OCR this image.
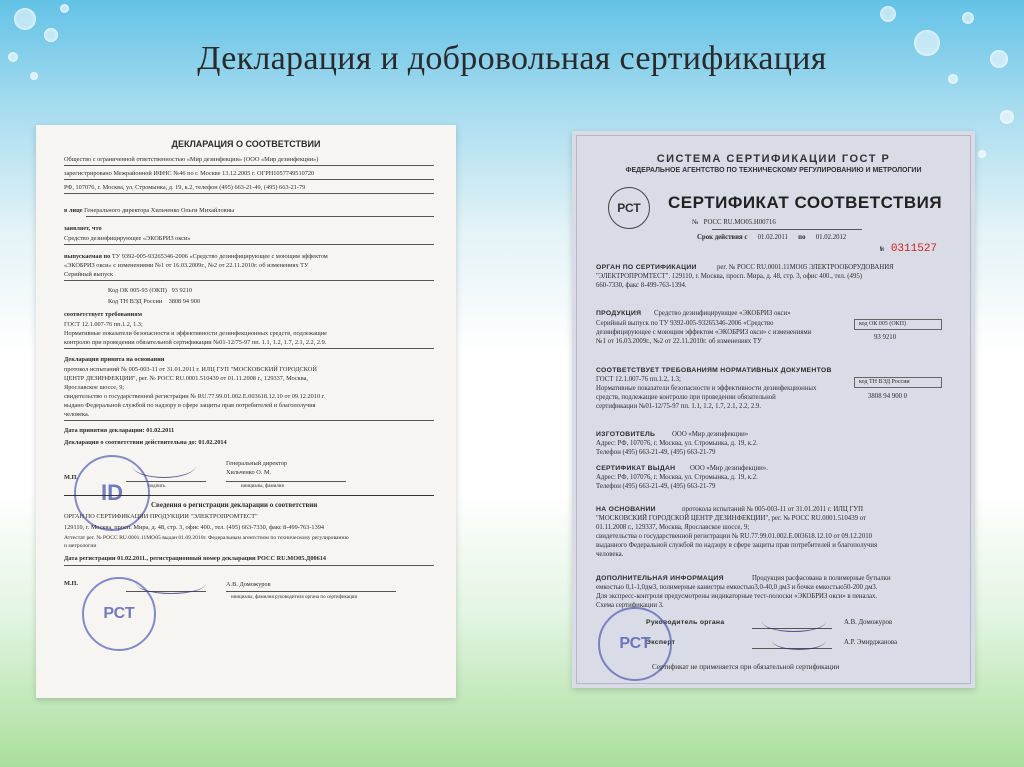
Декларация и добровольная сертификация
ДЕКЛАРАЦИЯ О СООТВЕТСТВИИ
Общество с ограниченной ответственностью «Мир дезинфекции» (ООО «Мир дезинфекции»)
зарегистрировано Межрайонной ИФНС №46 по г. Москве 13.12.2005 г. ОГРН1057749510720
РФ, 107076, г. Москва, ул. Стромынка, д. 19, к.2, телефон (495) 663-21-49, (495) 663-21-79
в лице Генерального директора Хильченко Ольги Михайловны
заявляет, что
Средство дезинфицирующее «ЭКОБРИЗ окси»
выпускаемая по ТУ 9392-005-93265346-2006 «Средство дезинфицирующее с моющим эффектом
«ЭКОБРИЗ окси» с изменениями №1 от 16.03.2009г., №2 от 22.11.2010г. об изменениях ТУ
Серийный выпуск
Код ОК 005-93 (ОКП) 93 9210
Код ТН ВЭД России 3808 94 900
соответствует требованиям
ГОСТ 12.1.007-76 пп.1.2, 1.3;
Нормативные показатели безопасности и эффективности дезинфекционных средств, подлежащие
контролю при проведении обязательной сертификации №01-12/75-97 пп. 1.1, 1.2, 1.7, 2.1, 2.2, 2.9.
Декларация принята на основании
протокол испытаний № 005-003-11 от 31.01.2011 г. ИЛЦ ГУП "МОСКОВСКИЙ ГОРОДСКОЙ
ЦЕНТР ДЕЗИНФЕКЦИИ", рег. № РОСС RU.0001.510439 от 01.11.2008 г., 129337, Москва,
Ярославское шоссе, 9;
свидетельство о государственной регистрации № RU.77.99.01.002.E.003618.12.10 от 09.12.2010 г.
выдано Федеральной службой по надзору в сфере защиты прав потребителей и благополучия
человека.
Дата принятия декларации: 01.02.2011
Декларация о соответствии действительна до: 01.02.2014
Генеральный директор
Хильченко О. М.
подпись	инициалы, фамилия
М.П.
ID	Сведения о регистрации декларации о соответствии
ОРГАН ПО СЕРТИФИКАЦИИ ПРОДУКЦИИ "ЭЛЕКТРОПРОМТЕСТ"
129110, г. Москва, просп. Мира, д. 48, стр. 3, офис 400., тел. (495) 663-7330, факс 8-499-763-1394
Аттестат рег. № РОСС RU.0001.11МО05 выдан 01.09.2010г. Федеральным агентством по техническому регулированию
и метрологии
Дата регистрации 01.02.2011., регистрационный номер декларации РОСС RU.МО05.Д00614
А.В. Доможуров
инициалы, фамилия руководителя органа по сертификации
М.П.
РСТ
СИСТЕМА СЕРТИФИКАЦИИ ГОСТ Р
ФЕДЕРАЛЬНОЕ АГЕНТСТВО ПО ТЕХНИЧЕСКОМУ РЕГУЛИРОВАНИЮ И МЕТРОЛОГИИ
РСТ СЕРТИФИКАТ СООТВЕТСТВИЯ
№ РОСС RU.МО05.Н00716
Срок действия с 01.02.2011 по 01.02.2012
№ 0311527
ОРГАН ПО СЕРТИФИКАЦИИ	рег. № РОСС RU.0001.11МО05 ЭЛЕКТРООБОРУДОВАНИЯ
"ЭЛЕКТРОПРОМТЕСТ". 129110, г. Москва, просп. Мира, д. 48, стр. 3, офис 400., тел. (495)
660-7330, факс 8-499-763-1394.
ПРОДУКЦИЯ Средство дезинфицирующее «ЭКОБРИЗ окси»
Серийный выпуск по ТУ 9392-005-93265346-2006 «Средство
дезинфицирующее с моющим эффектом «ЭКОБРИЗ окси» с изменениями
№1 от 16.03.2009г., №2 от 22.11.2010г. об изменениях ТУ
код ОК 005 (ОКП)
93 9210
СООТВЕТСТВУЕТ ТРЕБОВАНИЯМ НОРМАТИВНЫХ ДОКУМЕНТОВ
ГОСТ 12.1.007-76 пп.1.2, 1.3;
Нормативные показатели безопасности и эффективности дезинфекционных
средств, подлежащие контролю при проведении обязательной
сертификации №01-12/75-97 пп. 1.1, 1.2, 1.7, 2.1, 2.2, 2.9.
код ТН ВЭД России
3808 94 900 0
ИЗГОТОВИТЕЛЬ ООО «Мир дезинфекции»
Адрес: РФ, 107076, г. Москва, ул. Стромынка, д. 19, к.2.
Телефон (495) 663-21-49, (495) 663-21-79
СЕРТИФИКАТ ВЫДАН ООО «Мир дезинфекции».
Адрес: РФ, 107076, г. Москва, ул. Стромынка, д. 19, к.2.
Телефон (495) 663-21-49, (495) 663-21-79
НА ОСНОВАНИИ	протокола испытаний № 005-003-11 от 31.01.2011 г. ИЛЦ ГУП
"МОСКОВСКИЙ ГОРОДСКОЙ ЦЕНТР ДЕЗИНФЕКЦИИ", рег. № РОСС RU.0001.510439 от
01.11.2008 г., 129337, Москва, Ярославское шоссе, 9;
свидетельства о государственной регистрации № RU.77.99.01.002.E.003618.12.10 от 09.12.2010
выданного Федеральной службой по надзору в сфере защиты прав потребителей и благополучия
человека.
ДОПОЛНИТЕЛЬНАЯ ИНФОРМАЦИЯ	Продукция расфасована в полимерные бутылки
емкостью 0,1-1,0дм3, полимерные канистры емкостью3,0-40,0 дм3 и бочки емкостью50-200 дм3.
Для экспресс-контроля предусмотрены индикаторные тест-полоски «ЭКОБРИЗ окси» в пеналах.
Схема сертификации 3.
Руководитель органа	А.В. Доможуров
Эксперт	А.Р. Эмирджанова
РСТ
Сертификат не применяется при обязательной сертификации
